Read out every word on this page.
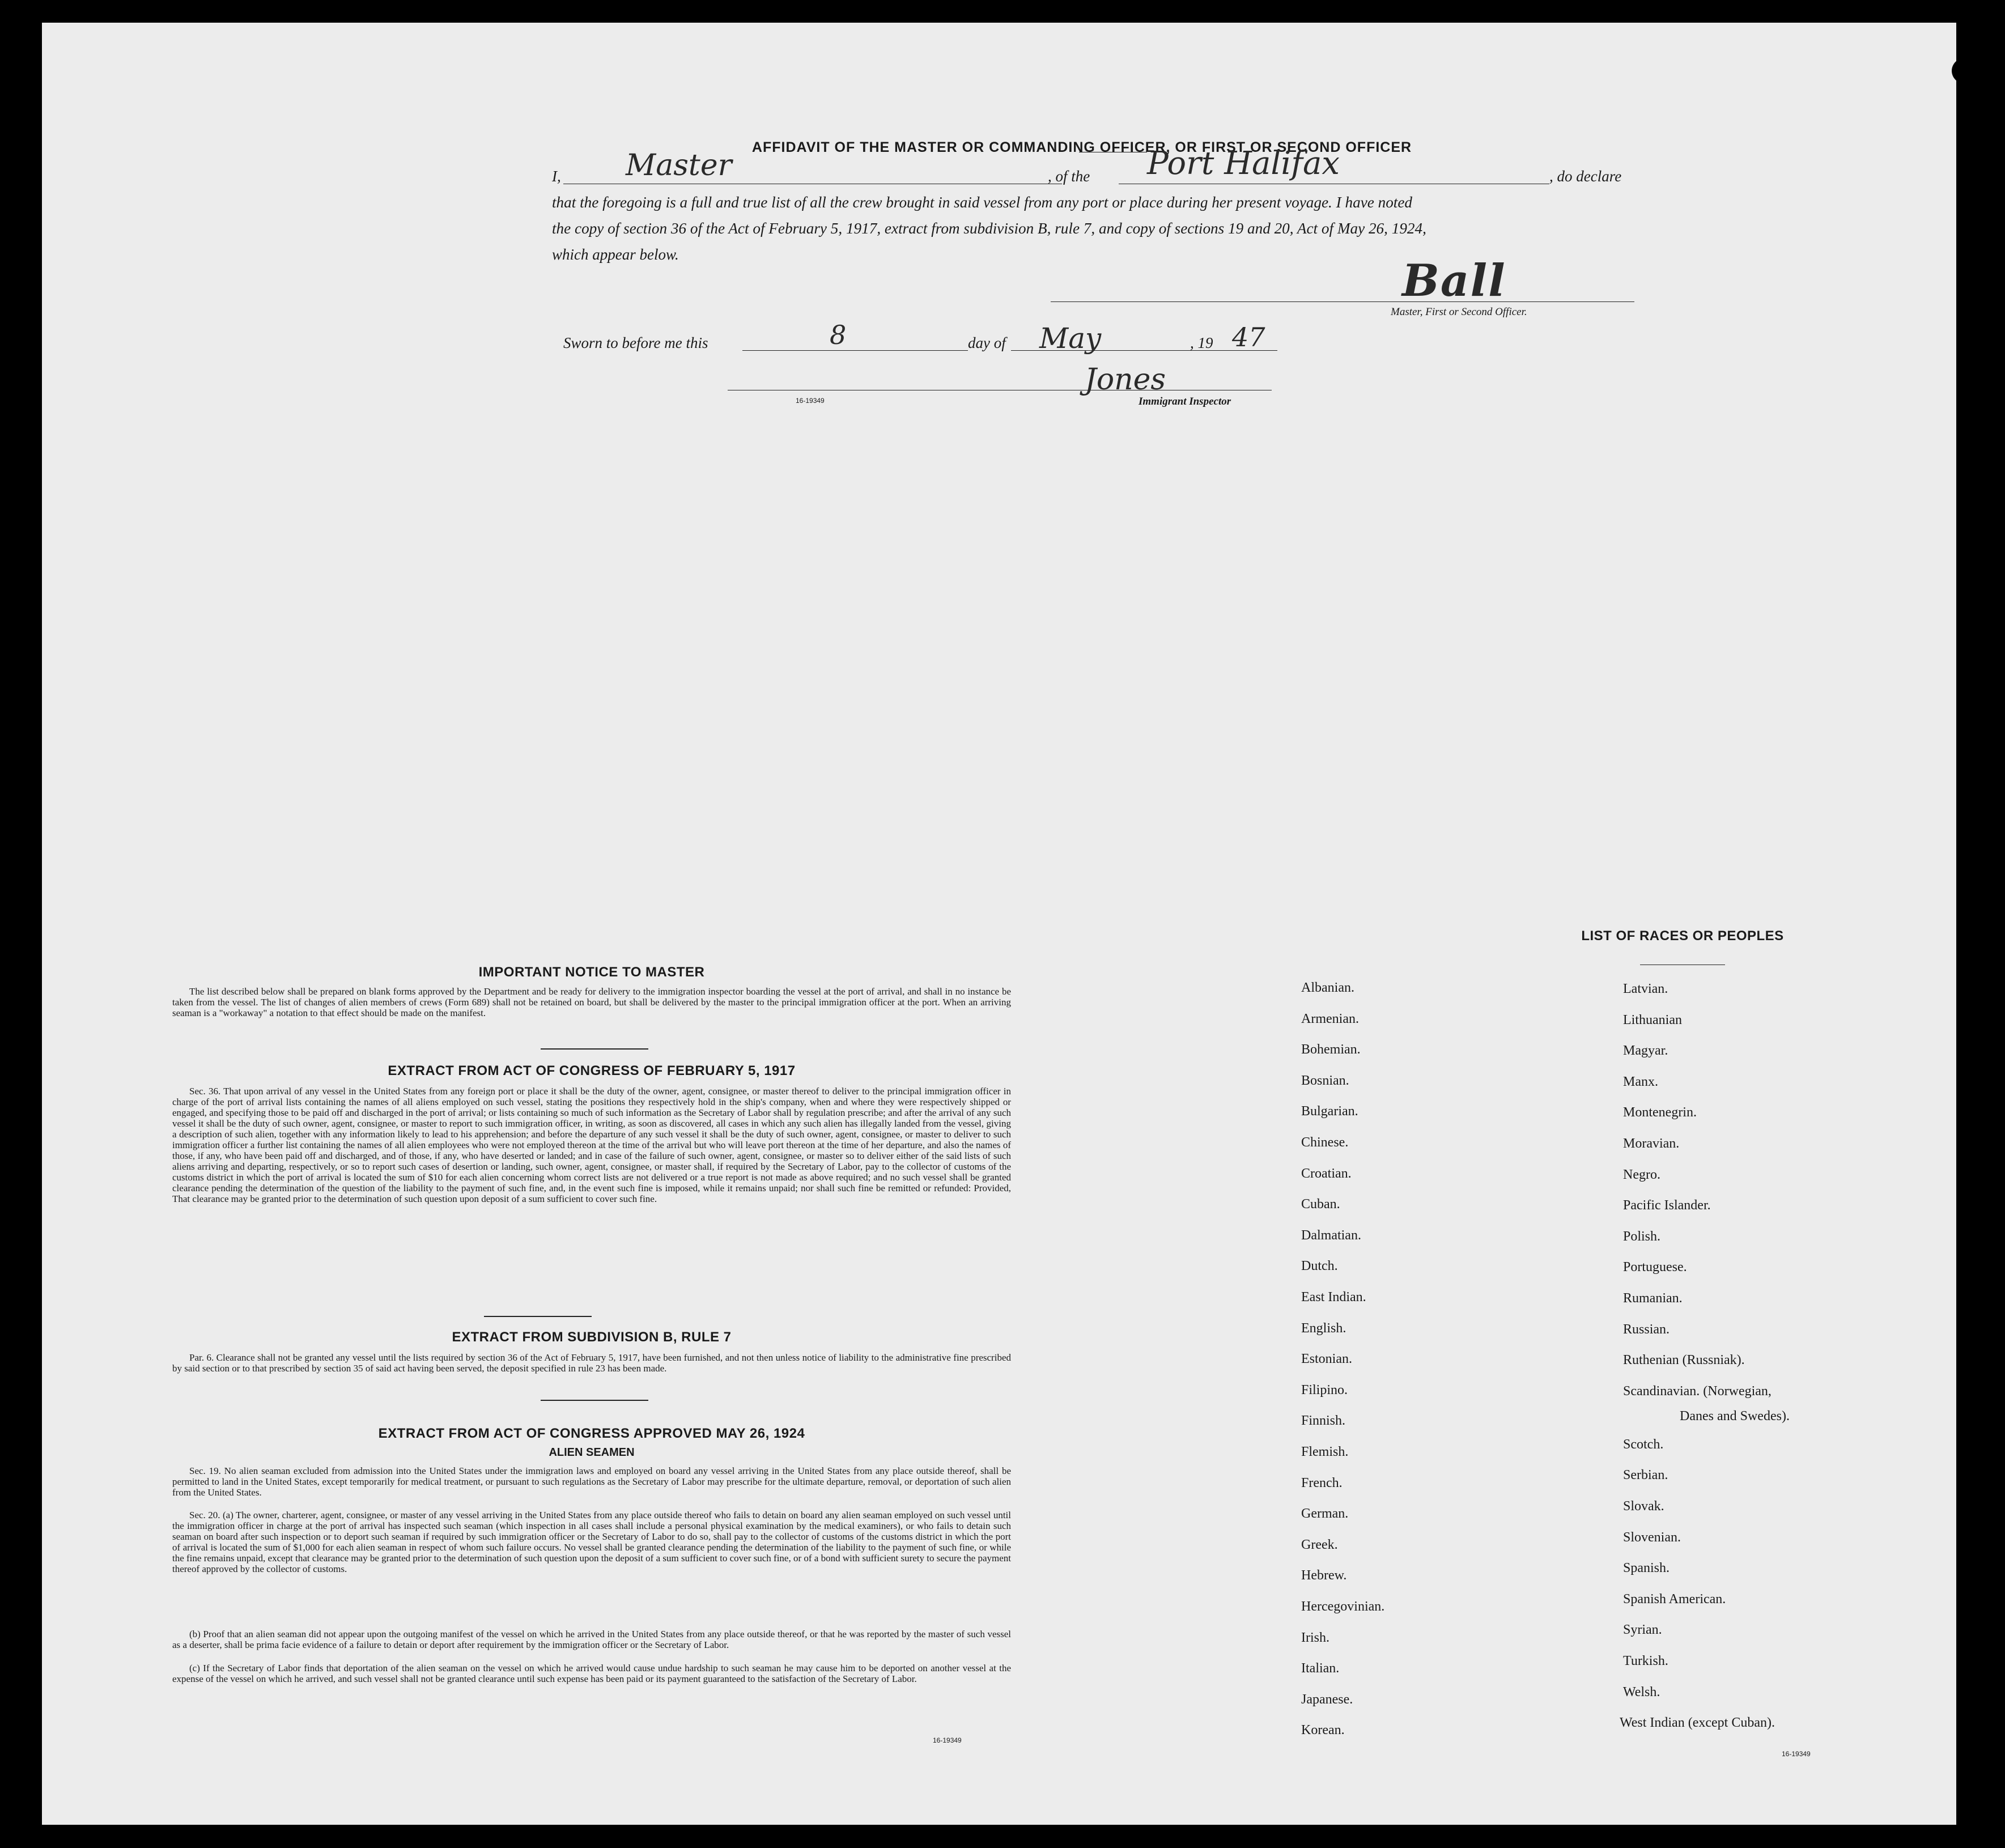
AFFIDAVIT OF THE MASTER OR COMMANDING OFFICER, OR FIRST OR SECOND OFFICER
I, Master	, of the Port Halifax	, do declare
that the foregoing is a full and true list of all the crew brought in said vessel from any port or place during her present voyage. I have noted
the copy of section 36 of the Act of February 5, 1917, extract from subdivision B, rule 7, and copy of sections 19 and 20, Act of May 26, 1924,
which appear below.
Ball
Master, First or Second Officer.
Sworn to before me this	8	day of May	, 19 47
Jones
16-19349	Immigrant Inspector
IMPORTANT NOTICE TO MASTER
The list described below shall be prepared on blank forms approved by the Department and be ready for delivery to the immigration inspector boarding the vessel at the port of arrival, and shall in no instance be taken from the vessel. The list of changes of alien members of crews (Form 689) shall not be retained on board, but shall be delivered by the master to the principal immigration officer at the port. When an arriving seaman is a "workaway" a notation to that effect should be made on the manifest.
EXTRACT FROM ACT OF CONGRESS OF FEBRUARY 5, 1917
Sec. 36. That upon arrival of any vessel in the United States from any foreign port or place it shall be the duty of the owner, agent, consignee, or master thereof to deliver to the principal immigration officer in charge of the port of arrival lists containing the names of all aliens employed on such vessel, stating the positions they respectively hold in the ship's company, when and where they were respectively shipped or engaged, and specifying those to be paid off and discharged in the port of arrival; or lists containing so much of such information as the Secretary of Labor shall by regulation prescribe; and after the arrival of any such vessel it shall be the duty of such owner, agent, consignee, or master to report to such immigration officer, in writing, as soon as discovered, all cases in which any such alien has illegally landed from the vessel, giving a description of such alien, together with any information likely to lead to his apprehension; and before the departure of any such vessel it shall be the duty of such owner, agent, consignee, or master to deliver to such immigration officer a further list containing the names of all alien employees who were not employed thereon at the time of the arrival but who will leave port thereon at the time of her departure, and also the names of those, if any, who have been paid off and discharged, and of those, if any, who have deserted or landed; and in case of the failure of such owner, agent, consignee, or master so to deliver either of the said lists of such aliens arriving and departing, respectively, or so to report such cases of desertion or landing, such owner, agent, consignee, or master shall, if required by the Secretary of Labor, pay to the collector of customs of the customs district in which the port of arrival is located the sum of $10 for each alien concerning whom correct lists are not delivered or a true report is not made as above required; and no such vessel shall be granted clearance pending the determination of the question of the liability to the payment of such fine, and, in the event such fine is imposed, while it remains unpaid; nor shall such fine be remitted or refunded: Provided, That clearance may be granted prior to the determination of such question upon deposit of a sum sufficient to cover such fine.
EXTRACT FROM SUBDIVISION B, RULE 7
Par. 6. Clearance shall not be granted any vessel until the lists required by section 36 of the Act of February 5, 1917, have been furnished, and not then unless notice of liability to the administrative fine prescribed by said section or to that prescribed by section 35 of said act having been served, the deposit specified in rule 23 has been made.
EXTRACT FROM ACT OF CONGRESS APPROVED MAY 26, 1924
ALIEN SEAMEN
Sec. 19. No alien seaman excluded from admission into the United States under the immigration laws and employed on board any vessel arriving in the United States from any place outside thereof, shall be permitted to land in the United States, except temporarily for medical treatment, or pursuant to such regulations as the Secretary of Labor may prescribe for the ultimate departure, removal, or deportation of such alien from the United States.
Sec. 20. (a) The owner, charterer, agent, consignee, or master of any vessel arriving in the United States from any place outside thereof who fails to detain on board any alien seaman employed on such vessel until the immigration officer in charge at the port of arrival has inspected such seaman (which inspection in all cases shall include a personal physical examination by the medical examiners), or who fails to detain such seaman on board after such inspection or to deport such seaman if required by such immigration officer or the Secretary of Labor to do so, shall pay to the collector of customs of the customs district in which the port of arrival is located the sum of $1,000 for each alien seaman in respect of whom such failure occurs. No vessel shall be granted clearance pending the determination of the liability to the payment of such fine, or while the fine remains unpaid, except that clearance may be granted prior to the determination of such question upon the deposit of a sum sufficient to cover such fine, or of a bond with sufficient surety to secure the payment thereof approved by the collector of customs.
(b) Proof that an alien seaman did not appear upon the outgoing manifest of the vessel on which he arrived in the United States from any place outside thereof, or that he was reported by the master of such vessel as a deserter, shall be prima facie evidence of a failure to detain or deport after requirement by the immigration officer or the Secretary of Labor.
(c) If the Secretary of Labor finds that deportation of the alien seaman on the vessel on which he arrived would cause undue hardship to such seaman he may cause him to be deported on another vessel at the expense of the vessel on which he arrived, and such vessel shall not be granted clearance until such expense has been paid or its payment guaranteed to the satisfaction of the Secretary of Labor.
16-19349
LIST OF RACES OR PEOPLES
Danes and Swedes).
16-19349
Albanian.
Armenian.
Bohemian.
Bosnian.
Bulgarian.
Chinese.
Croatian.
Cuban.
Dalmatian.
Dutch.
East Indian.
English.
Estonian.
Filipino.
Finnish.
Flemish.
French.
German.
Greek.
Hebrew.
Hercegovinian.
Irish.
Italian.
Japanese.
Korean.
Latvian.
Lithuanian
Magyar.
Manx.
Montenegrin.
Moravian.
Negro.
Pacific Islander.
Polish.
Portuguese.
Rumanian.
Russian.
Ruthenian (Russniak).
Scandinavian. (Norwegian,
Scotch.
Serbian.
Slovak.
Slovenian.
Spanish.
Spanish American.
Syrian.
Turkish.
Welsh.
West Indian (except Cuban).
